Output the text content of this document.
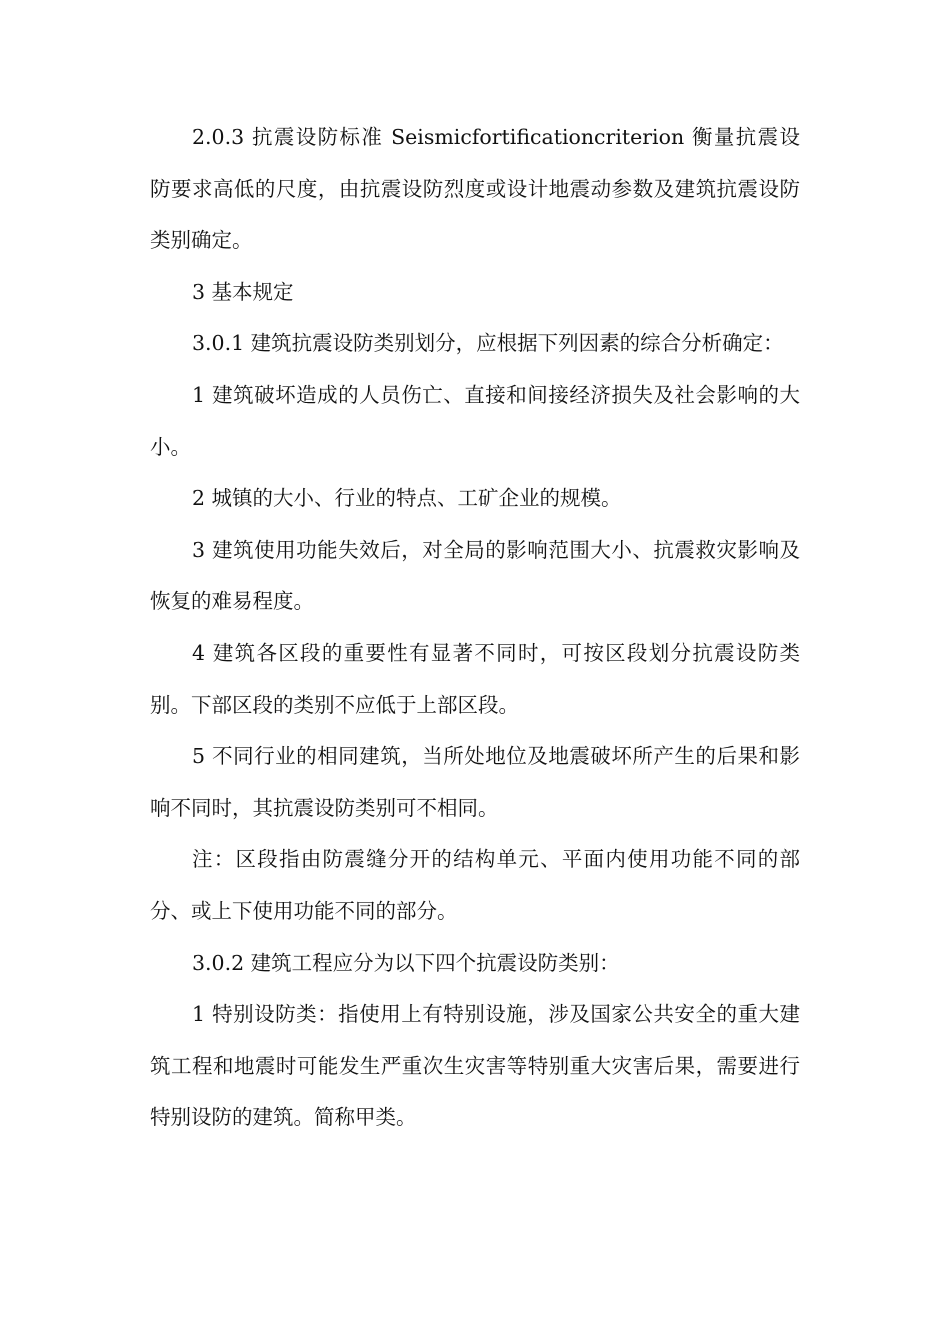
2.0.3 抗震设防标准 Seismicfortificationcriterion 衡量抗震设防要求高低的尺度，由抗震设防烈度或设计地震动参数及建筑抗震设防类别确定。

3 基本规定

3.0.1 建筑抗震设防类别划分，应根据下列因素的综合分析确定：

1 建筑破坏造成的人员伤亡、直接和间接经济损失及社会影响的大小。

2 城镇的大小、行业的特点、工矿企业的规模。

3 建筑使用功能失效后，对全局的影响范围大小、抗震救灾影响及恢复的难易程度。

4 建筑各区段的重要性有显著不同时，可按区段划分抗震设防类别。下部区段的类别不应低于上部区段。

5 不同行业的相同建筑，当所处地位及地震破坏所产生的后果和影响不同时，其抗震设防类别可不相同。

注：区段指由防震缝分开的结构单元、平面内使用功能不同的部分、或上下使用功能不同的部分。

3.0.2 建筑工程应分为以下四个抗震设防类别：

1 特别设防类：指使用上有特别设施，涉及国家公共安全的重大建筑工程和地震时可能发生严重次生灾害等特别重大灾害后果，需要进行特别设防的建筑。简称甲类。
